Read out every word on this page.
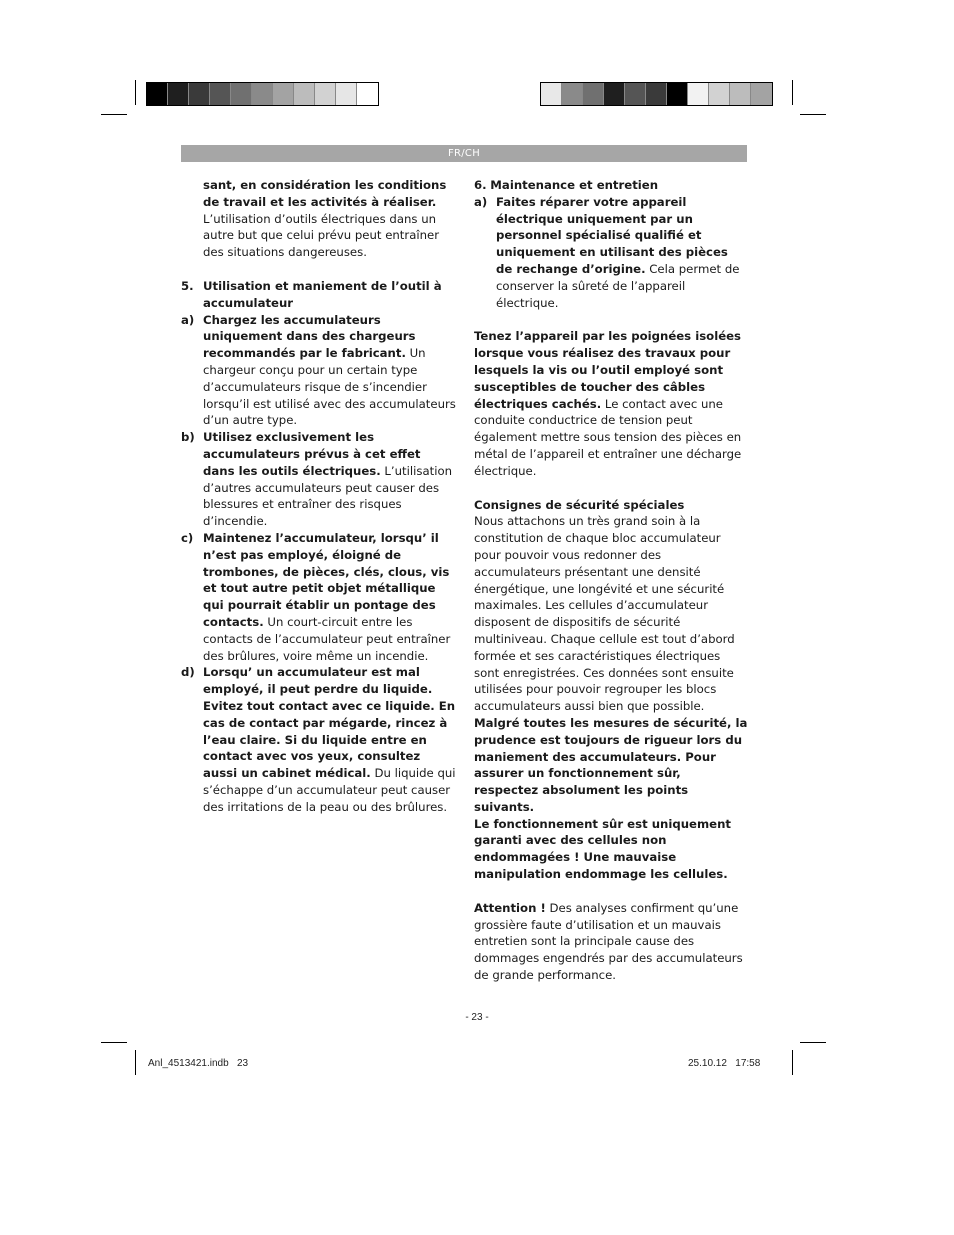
FR/CH

sant, en considération les conditions de travail et les activités à réaliser. L’utilisation d’outils électriques dans un autre but que celui prévu peut entraîner des situations dangereuses.

5. Utilisation et maniement de l’outil à accumulateur

a) Chargez les accumulateurs uniquement dans des chargeurs recommandés par le fabricant. Un chargeur conçu pour un certain type d’accumulateurs risque de s’incendier lorsqu’il est utilisé avec des accumulateurs d’un autre type.

b) Utilisez exclusivement les accumulateurs prévus à cet effet dans les outils électriques. L’utilisation d’autres accumulateurs peut causer des blessures et entraîner des risques d’incendie.

c) Maintenez l’accumulateur, lorsqu’ il n’est pas employé, éloigné de trombones, de pièces, clés, clous, vis et tout autre petit objet métallique qui pourrait établir un pontage des contacts. Un court-circuit entre les contacts de l’accumulateur peut entraîner des brûlures, voire même un incendie.

d) Lorsqu’ un accumulateur est mal employé, il peut perdre du liquide. Evitez tout contact avec ce liquide. En cas de contact par mégarde, rincez à l’eau claire. Si du liquide entre en contact avec vos yeux, consultez aussi un cabinet médical. Du liquide qui s’échappe d’un accumulateur peut causer des irritations de la peau ou des brûlures.

6. Maintenance et entretien

a) Faites réparer votre appareil électrique uniquement par un personnel spécialisé qualifié et uniquement en utilisant des pièces de rechange d’origine. Cela permet de conserver la sûreté de l’appareil électrique.

Tenez l’appareil par les poignées isolées lorsque vous réalisez des travaux pour lesquels la vis ou l’outil employé sont susceptibles de toucher des câbles électriques cachés. Le contact avec une conduite conductrice de tension peut également mettre sous tension des pièces en métal de l’appareil et entraîner une décharge électrique.

Consignes de sécurité spéciales

Nous attachons un très grand soin à la constitution de chaque bloc accumulateur pour pouvoir vous redonner des accumulateurs présentant une densité énergétique, une longévité et une sécurité maximales. Les cellules d’accumulateur disposent de dispositifs de sécurité multiniveau. Chaque cellule est tout d’abord formée et ses caractéristiques électriques sont enregistrées. Ces données sont ensuite utilisées pour pouvoir regrouper les blocs accumulateurs aussi bien que possible.

Malgré toutes les mesures de sécurité, la prudence est toujours de rigueur lors du maniement des accumulateurs. Pour assurer un fonctionnement sûr, respectez absolument les points suivants.

Le fonctionnement sûr est uniquement garanti avec des cellules non endommagées ! Une mauvaise manipulation endommage les cellules.

Attention ! Des analyses confirment qu’une grossière faute d’utilisation et un mauvais entretien sont la principale cause des dommages engendrés par des accumulateurs de grande performance.

- 23 -
Anl_4513421.indb   23	25.10.12   17:58
